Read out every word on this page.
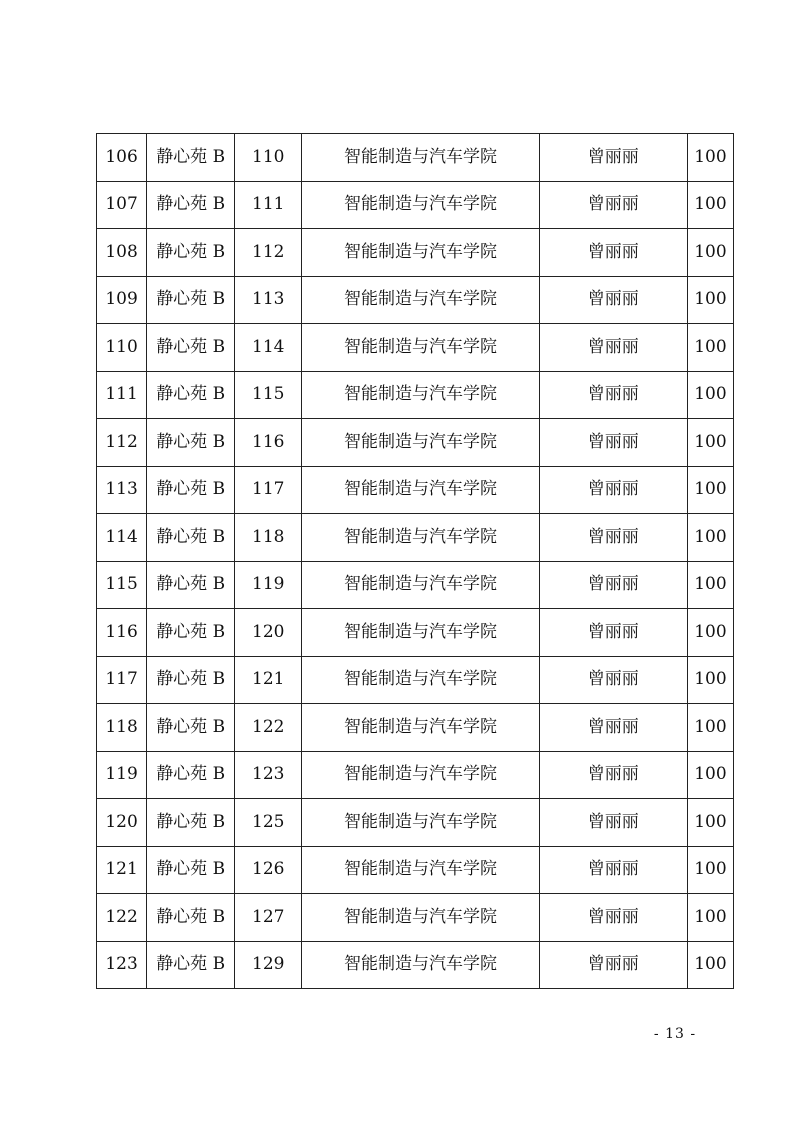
106	静心苑 B	110	智能制造与汽车学院	曾丽丽	100
107	静心苑 B	111	智能制造与汽车学院	曾丽丽	100
108	静心苑 B	112	智能制造与汽车学院	曾丽丽	100
109	静心苑 B	113	智能制造与汽车学院	曾丽丽	100
110	静心苑 B	114	智能制造与汽车学院	曾丽丽	100
111	静心苑 B	115	智能制造与汽车学院	曾丽丽	100
112	静心苑 B	116	智能制造与汽车学院	曾丽丽	100
113	静心苑 B	117	智能制造与汽车学院	曾丽丽	100
114	静心苑 B	118	智能制造与汽车学院	曾丽丽	100
115	静心苑 B	119	智能制造与汽车学院	曾丽丽	100
116	静心苑 B	120	智能制造与汽车学院	曾丽丽	100
117	静心苑 B	121	智能制造与汽车学院	曾丽丽	100
118	静心苑 B	122	智能制造与汽车学院	曾丽丽	100
119	静心苑 B	123	智能制造与汽车学院	曾丽丽	100
120	静心苑 B	125	智能制造与汽车学院	曾丽丽	100
121	静心苑 B	126	智能制造与汽车学院	曾丽丽	100
122	静心苑 B	127	智能制造与汽车学院	曾丽丽	100
123	静心苑 B	129	智能制造与汽车学院	曾丽丽	100
- 13 -
